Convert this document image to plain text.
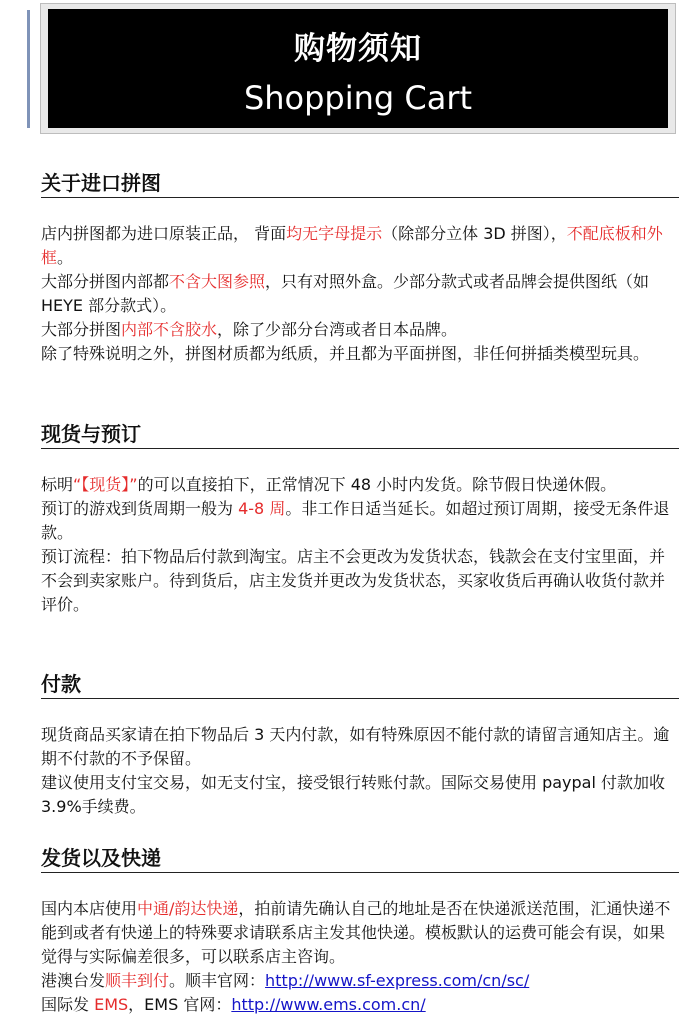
购物须知
Shopping Cart
关于进口拼图

店内拼图都为进口原装正品， 背面均无字母提示（除部分立体 3D 拼图），不配底板和外框。

大部分拼图内部都不含大图参照，只有对照外盒。少部分款式或者品牌会提供图纸（如 HEYE 部分款式）。

大部分拼图内部不含胶水，除了少部分台湾或者日本品牌。

除了特殊说明之外，拼图材质都为纸质，并且都为平面拼图，非任何拼插类模型玩具。

现货与预订

标明“【现货】”的可以直接拍下，正常情况下 48 小时内发货。除节假日快递休假。

预订的游戏到货周期一般为 4-8 周。非工作日适当延长。如超过预订周期，接受无条件退款。

预订流程：拍下物品后付款到淘宝。店主不会更改为发货状态，钱款会在支付宝里面，并不会到卖家账户。待到货后，店主发货并更改为发货状态，买家收货后再确认收货付款并评价。

付款

现货商品买家请在拍下物品后 3 天内付款，如有特殊原因不能付款的请留言通知店主。逾期不付款的不予保留。

建议使用支付宝交易，如无支付宝，接受银行转账付款。国际交易使用 paypal 付款加收 3.9%手续费。

发货以及快递

国内本店使用中通/韵达快递，拍前请先确认自己的地址是否在快递派送范围，汇通快递不能到或者有快递上的特殊要求请联系店主发其他快递。模板默认的运费可能会有误，如果觉得与实际偏差很多，可以联系店主咨询。

港澳台发顺丰到付。顺丰官网：http://www.sf-express.com/cn/sc/

国际发 EMS，EMS 官网：http://www.ems.com.cn/
